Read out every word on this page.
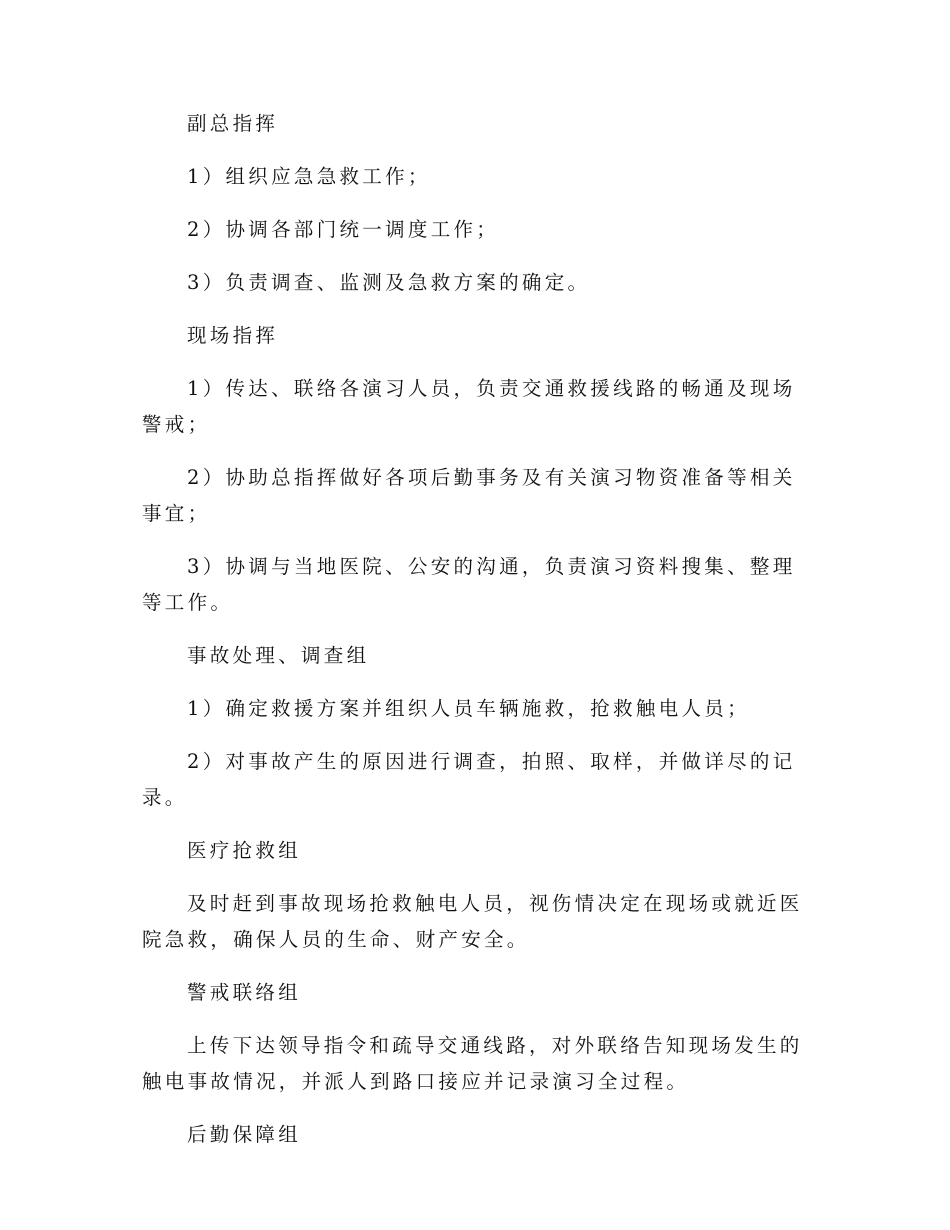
副总指挥

1）组织应急急救工作；

2）协调各部门统一调度工作；

3）负责调查、监测及急救方案的确定。

现场指挥

1）传达、联络各演习人员，负责交通救援线路的畅通及现场警戒；

2）协助总指挥做好各项后勤事务及有关演习物资准备等相关事宜；

3）协调与当地医院、公安的沟通，负责演习资料搜集、整理等工作。

事故处理、调查组

1）确定救援方案并组织人员车辆施救，抢救触电人员；

2）对事故产生的原因进行调查，拍照、取样，并做详尽的记录。

医疗抢救组

及时赶到事故现场抢救触电人员，视伤情决定在现场或就近医院急救，确保人员的生命、财产安全。

警戒联络组

上传下达领导指令和疏导交通线路，对外联络告知现场发生的触电事故情况，并派人到路口接应并记录演习全过程。

后勤保障组
